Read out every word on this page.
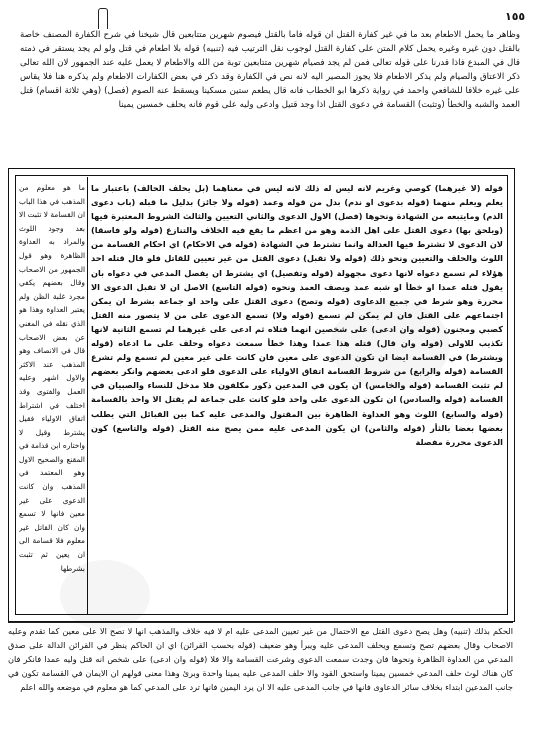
١٥٥
وظاهر ما يحمل الاطعام بعد ما في غير كفارة القتل ان قوله فاما بالقتل فيصوم شهرين متتابعين قال شيخنا في شرح الكفارة المصنف خاصة بالقتل دون غيره وغيره يحمل كلام المتن على كفارة القتل لوجوب نقل الترتيب فيه (تنبيه) قوله بلا اطعام في قتل ولو لم يجد يستقر في ذمته قال في المبدع فاذا قدرنا على قوله تعالى فمن لم يجد فصيام شهرين متتابعين توبة من الله والاطعام لا يعمل عليه عند الجمهور لان الله تعالى ذكر الاعتاق والصيام ولم يذكر الاطعام فلا يجوز المصير اليه لانه نص في الكفارة وقد ذكر في بعض الكفارات الاطعام ولم يذكره هنا فلا يقاس على غيره خلافا للشافعي واحمد في رواية ذكرها ابو الخطاب فانه قال يطعم ستين مسكينا ويسقط عنه الصوم (فصل) (وهي ثلاثة اقسام) قتل العمد والشبه والخطأ (وتثبت) القسامة في دعوى القتل اذا وجد قتيل وادعى وليه على قوم فانه يحلف خمسين يمينا
ما هو معلوم من المذهب في هذا الباب ان القسامة لا تثبت الا بعد وجود اللوث والمراد به العداوة الظاهرة وهو قول الجمهور من الاصحاب وقال بعضهم يكفي مجرد غلبة الظن ولم يعتبر العداوة وهذا هو الذي نقله في المغني عن بعض الاصحاب قال في الانصاف وهو المذهب عند الاكثر والاول اشهر وعليه العمل والفتوى وقد اختلف في اشتراط اتفاق الاولياء فقيل يشترط وقيل لا واختاره ابن قدامة في المقنع والصحيح الاول وهو المعتمد في المذهب وان كانت الدعوى على غير معين فانها لا تسمع وان كان القاتل غير معلوم فلا قسامة الى ان يعين ثم تثبت بشرطها
قوله (لا غيرهما) كوصي وغريم لانه ليس له ذلك لانه ليس في معناهما (بل يحلف الحالف) باعتبار ما يعلم ويعلم منهما (قوله بدعوى او ندم) بدل من قوله وعمد (قوله ولا جائز) بدليل ما قبله (باب دعوى الدم) ومايتبعه من الشهادة ونحوها (فصل) الاول الدعوى والثاني التعيين والثالث الشروط المعتبرة فيها (ويلحق بها) دعوى القتل على اهل الذمة وهو من اعظم ما يقع فيه الخلاف والتنازع (قوله ولو فاسقا) لان الدعوى لا تشترط فيها العدالة وانما تشترط في الشهادة (قوله في الاحكام) اي احكام القسامة من اللوث والحلف والتعيين ونحو ذلك (قوله ولا تقبل) دعوى القتل من غير تعيين للقاتل فلو قال قتله احد هؤلاء لم تسمع دعواه لانها دعوى مجهولة (قوله وتفصيل) اي يشترط ان يفصل المدعي في دعواه بان يقول قتله عمدا او خطأ او شبه عمد ويصف العمد ونحوه (قوله التاسع) الاصل ان لا تقبل الدعوى الا محررة وهو شرط في جميع الدعاوى (قوله وتصح) دعوى القتل على واحد او جماعة بشرط ان يمكن اجتماعهم على القتل فان لم يمكن لم تسمع (قوله ولا) تسمع الدعوى على من لا يتصور منه القتل كصبي ومجنون (قوله وان ادعى) على شخصين انهما قتلاه ثم ادعى على غيرهما لم تسمع الثانية لانها تكذيب للاولى (قوله وان قال) قتله هذا عمدا وهذا خطأ سمعت دعواه وحلف على ما ادعاه (قوله ويشترط) في القسامة ايضا ان تكون الدعوى على معين فان كانت على غير معين لم تسمع ولم تشرع القسامة (قوله والرابع) من شروط القسامة اتفاق الاولياء على الدعوى فلو ادعى بعضهم وانكر بعضهم لم تثبت القسامة (قوله والخامس) ان يكون في المدعين ذكور مكلفون فلا مدخل للنساء والصبيان في القسامة (قوله والسادس) ان تكون الدعوى على واحد فلو كانت على جماعة لم يقتل الا واحد بالقسامة (قوله والسابع) اللوث وهو العداوة الظاهرة بين المقتول والمدعى عليه كما بين القبائل التي يطلب بعضها بعضا بالثأر (قوله والثامن) ان يكون المدعى عليه ممن يصح منه القتل (قوله والتاسع) كون الدعوى محررة مفصلة
الحكم بذلك (تنبيه) وهل يصح دعوى القتل مع الاحتمال من غير تعيين المدعى عليه ام لا فيه خلاف والمذهب انها لا تصح الا على معين كما تقدم وعليه الاصحاب وقال بعضهم تصح وتسمع ويحلف المدعى عليه ويبرأ وهو ضعيف (قوله بحسب القرائن) اي ان الحاكم ينظر في القرائن الدالة على صدق المدعي من العداوة الظاهرة ونحوها فان وجدت سمعت الدعوى وشرعت القسامة والا فلا (قوله وان ادعى) على شخص انه قتل وليه عمدا فانكر فان كان هناك لوث حلف المدعي خمسين يمينا واستحق القود والا حلف المدعى عليه يمينا واحدة وبرئ وهذا معنى قولهم ان الايمان في القسامة تكون في جانب المدعين ابتداء بخلاف سائر الدعاوى فانها في جانب المدعى عليه الا ان يرد اليمين فانها ترد على المدعي كما هو معلوم في موضعه والله اعلم
